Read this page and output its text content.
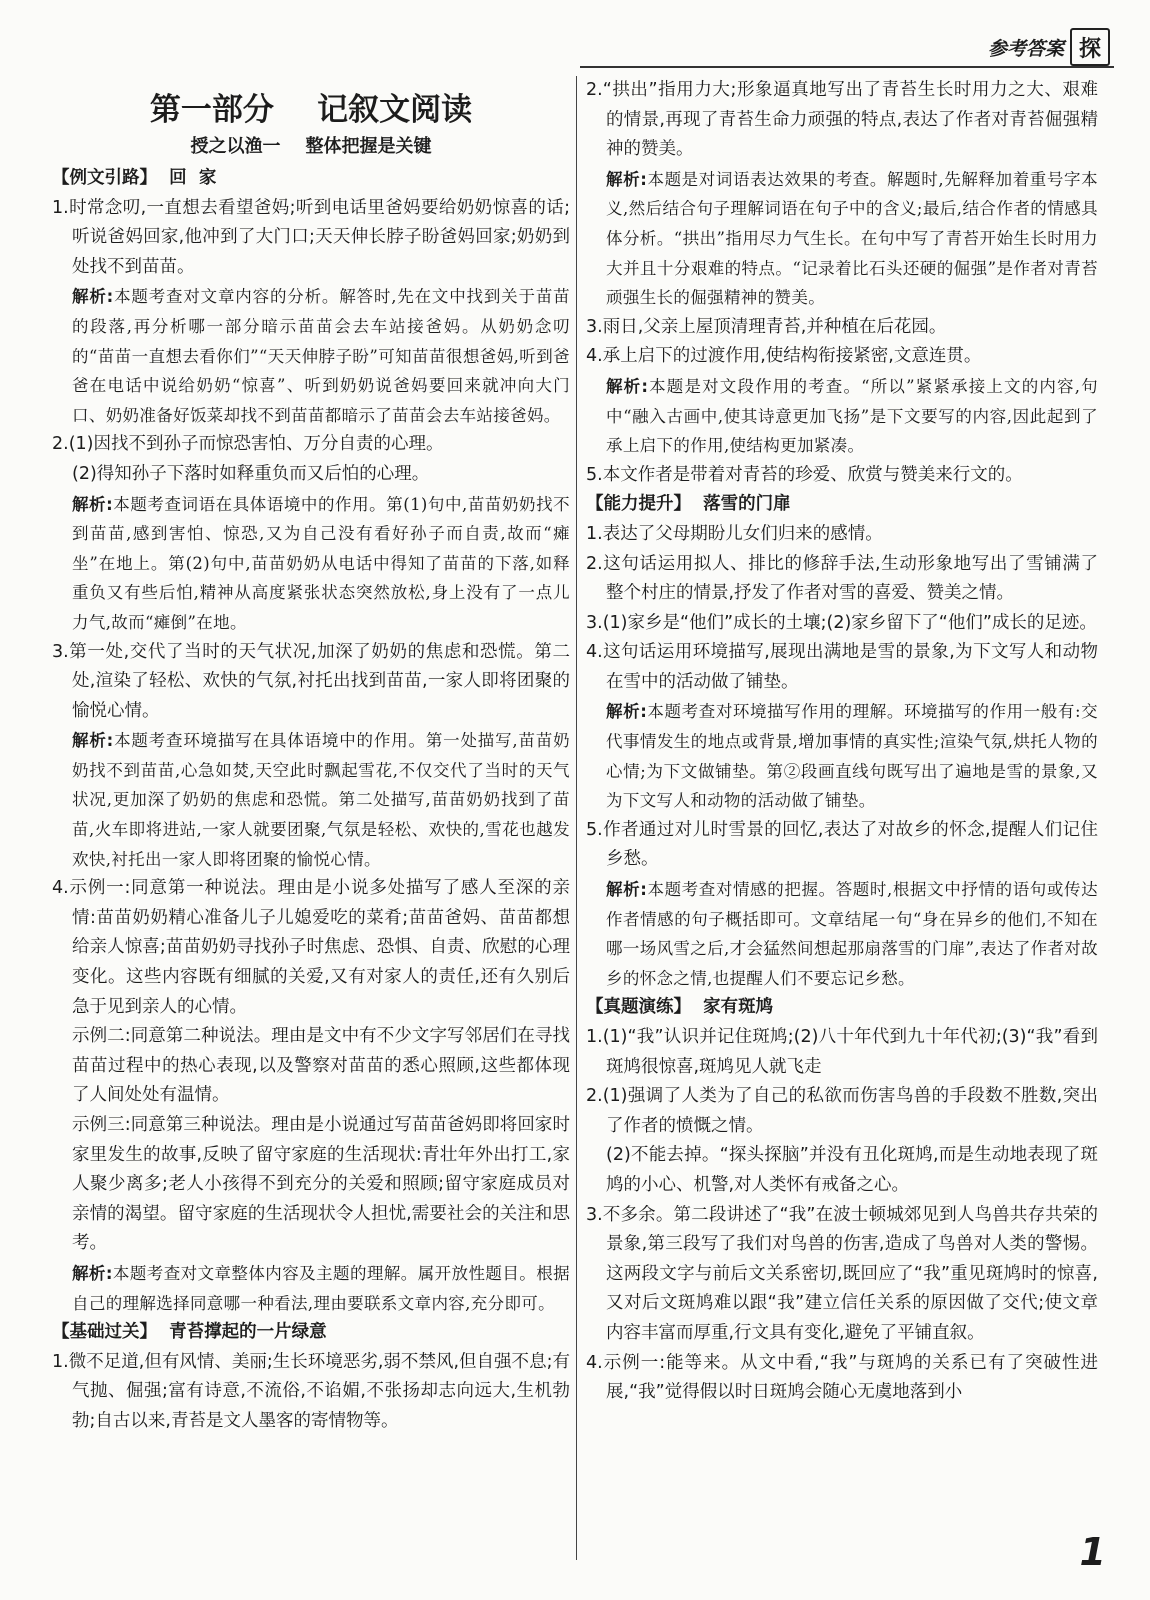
参考答案 探
第一部分    记叙文阅读
授之以渔一    整体把握是关键
【例文引路】  回  家

1.时常念叨,一直想去看望爸妈;听到电话里爸妈要给奶奶惊喜的话;听说爸妈回家,他冲到了大门口;天天伸长脖子盼爸妈回家;奶奶到处找不到苗苗。

解析:本题考查对文章内容的分析。解答时,先在文中找到关于苗苗的段落,再分析哪一部分暗示苗苗会去车站接爸妈。从奶奶念叨的“苗苗一直想去看你们”“天天伸脖子盼”可知苗苗很想爸妈,听到爸爸在电话中说给奶奶“惊喜”、听到奶奶说爸妈要回来就冲向大门口、奶奶准备好饭菜却找不到苗苗都暗示了苗苗会去车站接爸妈。

2.(1)因找不到孙子而惊恐害怕、万分自责的心理。

(2)得知孙子下落时如释重负而又后怕的心理。

解析:本题考查词语在具体语境中的作用。第(1)句中,苗苗奶奶找不到苗苗,感到害怕、惊恐,又为自己没有看好孙子而自责,故而“瘫坐”在地上。第(2)句中,苗苗奶奶从电话中得知了苗苗的下落,如释重负又有些后怕,精神从高度紧张状态突然放松,身上没有了一点儿力气,故而“瘫倒”在地。

3.第一处,交代了当时的天气状况,加深了奶奶的焦虑和恐慌。第二处,渲染了轻松、欢快的气氛,衬托出找到苗苗,一家人即将团聚的愉悦心情。

解析:本题考查环境描写在具体语境中的作用。第一处描写,苗苗奶奶找不到苗苗,心急如焚,天空此时飘起雪花,不仅交代了当时的天气状况,更加深了奶奶的焦虑和恐慌。第二处描写,苗苗奶奶找到了苗苗,火车即将进站,一家人就要团聚,气氛是轻松、欢快的,雪花也越发欢快,衬托出一家人即将团聚的愉悦心情。

4.示例一:同意第一种说法。理由是小说多处描写了感人至深的亲情:苗苗奶奶精心准备儿子儿媳爱吃的菜肴;苗苗爸妈、苗苗都想给亲人惊喜;苗苗奶奶寻找孙子时焦虑、恐惧、自责、欣慰的心理变化。这些内容既有细腻的关爱,又有对家人的责任,还有久别后急于见到亲人的心情。

示例二:同意第二种说法。理由是文中有不少文字写邻居们在寻找苗苗过程中的热心表现,以及警察对苗苗的悉心照顾,这些都体现了人间处处有温情。

示例三:同意第三种说法。理由是小说通过写苗苗爸妈即将回家时家里发生的故事,反映了留守家庭的生活现状:青壮年外出打工,家人聚少离多;老人小孩得不到充分的关爱和照顾;留守家庭成员对亲情的渴望。留守家庭的生活现状令人担忧,需要社会的关注和思考。

解析:本题考查对文章整体内容及主题的理解。属开放性题目。根据自己的理解选择同意哪一种看法,理由要联系文章内容,充分即可。

【基础过关】  青苔撑起的一片绿意

1.微不足道,但有风情、美丽;生长环境恶劣,弱不禁风,但自强不息;有气抛、倔强;富有诗意,不流俗,不谄媚,不张扬却志向远大,生机勃勃;自古以来,青苔是文人墨客的寄情物等。

2.“拱出”指用力大;形象逼真地写出了青苔生长时用力之大、艰难的情景,再现了青苔生命力顽强的特点,表达了作者对青苔倔强精神的赞美。

解析:本题是对词语表达效果的考查。解题时,先解释加着重号字本义,然后结合句子理解词语在句子中的含义;最后,结合作者的情感具体分析。“拱出”指用尽力气生长。在句中写了青苔开始生长时用力大并且十分艰难的特点。“记录着比石头还硬的倔强”是作者对青苔顽强生长的倔强精神的赞美。

3.雨日,父亲上屋顶清理青苔,并种植在后花园。

4.承上启下的过渡作用,使结构衔接紧密,文意连贯。

解析:本题是对文段作用的考查。“所以”紧紧承接上文的内容,句中“融入古画中,使其诗意更加飞扬”是下文要写的内容,因此起到了承上启下的作用,使结构更加紧凑。

5.本文作者是带着对青苔的珍爱、欣赏与赞美来行文的。

【能力提升】  落雪的门扉

1.表达了父母期盼儿女们归来的感情。

2.这句话运用拟人、排比的修辞手法,生动形象地写出了雪铺满了整个村庄的情景,抒发了作者对雪的喜爱、赞美之情。

3.(1)家乡是“他们”成长的土壤;(2)家乡留下了“他们”成长的足迹。

4.这句话运用环境描写,展现出满地是雪的景象,为下文写人和动物在雪中的活动做了铺垫。

解析:本题考查对环境描写作用的理解。环境描写的作用一般有:交代事情发生的地点或背景,增加事情的真实性;渲染气氛,烘托人物的心情;为下文做铺垫。第②段画直线句既写出了遍地是雪的景象,又为下文写人和动物的活动做了铺垫。

5.作者通过对儿时雪景的回忆,表达了对故乡的怀念,提醒人们记住乡愁。

解析:本题考查对情感的把握。答题时,根据文中抒情的语句或传达作者情感的句子概括即可。文章结尾一句“身在异乡的他们,不知在哪一场风雪之后,才会猛然间想起那扇落雪的门扉”,表达了作者对故乡的怀念之情,也提醒人们不要忘记乡愁。

【真题演练】  家有斑鸠

1.(1)“我”认识并记住斑鸠;(2)八十年代到九十年代初;(3)“我”看到斑鸠很惊喜,斑鸠见人就飞走

2.(1)强调了人类为了自己的私欲而伤害鸟兽的手段数不胜数,突出了作者的愤慨之情。

(2)不能去掉。“探头探脑”并没有丑化斑鸠,而是生动地表现了斑鸠的小心、机警,对人类怀有戒备之心。

3.不多余。第二段讲述了“我”在波士顿城郊见到人鸟兽共存共荣的景象,第三段写了我们对鸟兽的伤害,造成了鸟兽对人类的警惕。这两段文字与前后文关系密切,既回应了“我”重见斑鸠时的惊喜,又对后文斑鸠难以跟“我”建立信任关系的原因做了交代;使文章内容丰富而厚重,行文具有变化,避免了平铺直叙。

4.示例一:能等来。从文中看,“我”与斑鸠的关系已有了突破性进展,“我”觉得假以时日斑鸠会随心无虞地落到小

1
